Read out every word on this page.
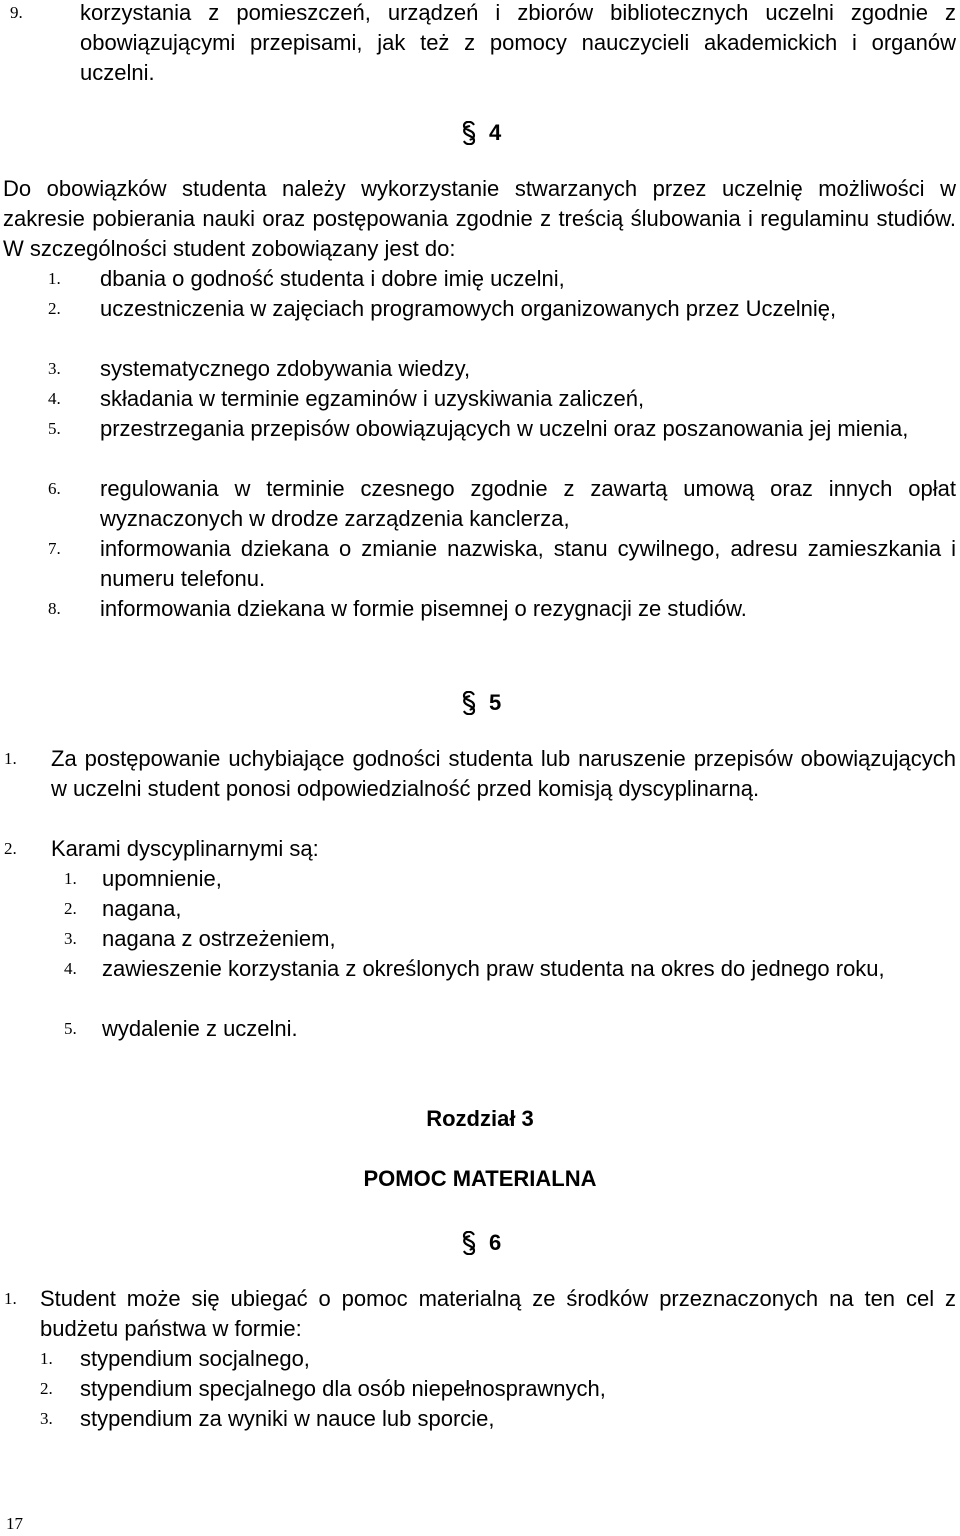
9.	korzystania z pomieszczeń, urządzeń i zbiorów bibliotecznych uczelni zgodnie z obowiązującymi przepisami, jak też z pomocy nauczycieli akademickich i organów uczelni.
4
Do obowiązków studenta należy wykorzystanie stwarzanych przez uczelnię możliwości w zakresie pobierania nauki oraz postępowania zgodnie z treścią ślubowania i regulaminu studiów. W szczególności student zobowiązany jest do:
1.	dbania o godność studenta i dobre imię uczelni,
2.	uczestniczenia w zajęciach programowych organizowanych przez Uczelnię,
3.	systematycznego zdobywania wiedzy,
4.	składania w terminie egzaminów i uzyskiwania zaliczeń,
5.	przestrzegania przepisów obowiązujących w uczelni oraz poszanowania jej mienia,
6.	regulowania w terminie czesnego zgodnie z zawartą umową oraz innych opłat wyznaczonych w drodze zarządzenia kanclerza,
7.	informowania dziekana o zmianie nazwiska, stanu cywilnego, adresu zamieszkania i numeru telefonu.
8.	informowania dziekana w formie pisemnej o rezygnacji ze studiów.
5
1.	Za postępowanie uchybiające godności studenta lub naruszenie przepisów obowiązujących w uczelni student ponosi odpowiedzialność przed komisją dyscyplinarną.
2.	Karami dyscyplinarnymi są:
1.	upomnienie,
2.	nagana,
3.	nagana z ostrzeżeniem,
4.	zawieszenie korzystania z określonych praw studenta na okres do jednego roku,
5.	wydalenie z uczelni.
Rozdział 3
POMOC MATERIALNA
6
1.	Student może się ubiegać o pomoc materialną ze środków przeznaczonych na ten cel z budżetu państwa w formie:
1.	stypendium socjalnego,
2.	stypendium specjalnego dla osób niepełnosprawnych,
3.	stypendium za wyniki w nauce lub sporcie,
17
